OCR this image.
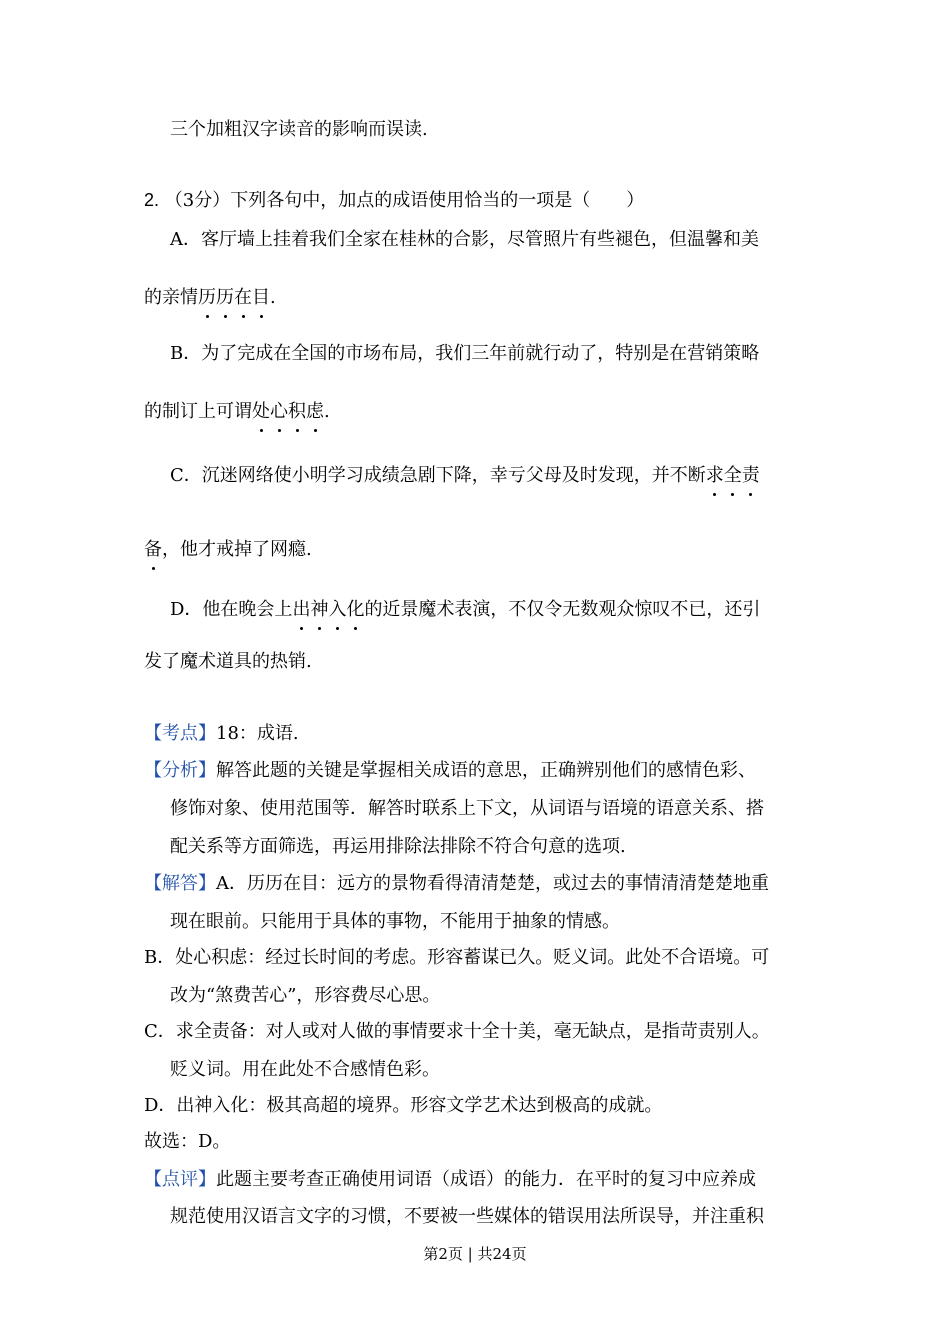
三个加粗汉字读音的影响而误读.
2. （3分）下列各句中，加点的成语使用恰当的一项是（　　）
A．客厅墙上挂着我们全家在桂林的合影，尽管照片有些褪色，但温馨和美
的亲情历历在目.
B．为了完成在全国的市场布局，我们三年前就行动了，特别是在营销策略
的制订上可谓处心积虑.
C．沉迷网络使小明学习成绩急剧下降，幸亏父母及时发现，并不断求全责
备，他才戒掉了网瘾.
D．他在晚会上出神入化的近景魔术表演，不仅令无数观众惊叹不已，还引
发了魔术道具的热销.
【考点】18：成语.
【分析】解答此题的关键是掌握相关成语的意思，正确辨别他们的感情色彩、
修饰对象、使用范围等．解答时联系上下文，从词语与语境的语意关系、搭
配关系等方面筛选，再运用排除法排除不符合句意的选项.
【解答】A．历历在目：远方的景物看得清清楚楚，或过去的事情清清楚楚地重
现在眼前。只能用于具体的事物，不能用于抽象的情感。
B．处心积虑：经过长时间的考虑。形容蓄谋已久。贬义词。此处不合语境。可
改为“煞费苦心”，形容费尽心思。
C．求全责备：对人或对人做的事情要求十全十美，毫无缺点，是指苛责别人。
贬义词。用在此处不合感情色彩。
D．出神入化：极其高超的境界。形容文学艺术达到极高的成就。
故选：D。
【点评】此题主要考查正确使用词语（成语）的能力．在平时的复习中应养成
规范使用汉语言文字的习惯，不要被一些媒体的错误用法所误导，并注重积
第2页 | 共24页
